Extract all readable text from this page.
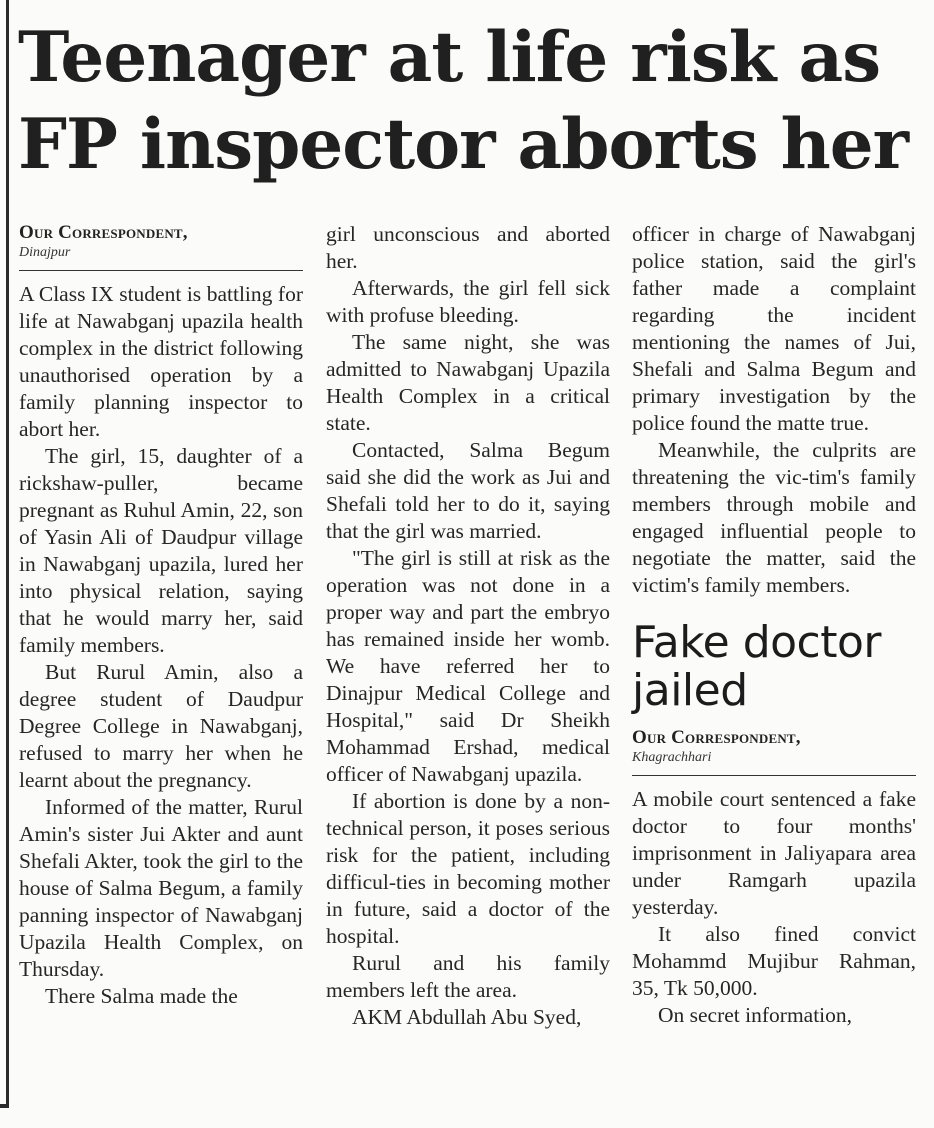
Teenager at life risk as FP inspector aborts her
Our Correspondent,
Dinajpur

A Class IX student is battling for life at Nawabganj upazila health complex in the district following unauthorised operation by a family planning inspector to abort her.

The girl, 15, daughter of a rickshaw-puller, became pregnant as Ruhul Amin, 22, son of Yasin Ali of Daudpur village in Nawabganj upazila, lured her into physical relation, saying that he would marry her, said family members.

But Rurul Amin, also a degree student of Daudpur Degree College in Nawabganj, refused to marry her when he learnt about the pregnancy.

Informed of the matter, Rurul Amin's sister Jui Akter and aunt Shefali Akter, took the girl to the house of Salma Begum, a family panning inspector of Nawabganj Upazila Health Complex, on Thursday.

There Salma made the

girl unconscious and aborted her.

Afterwards, the girl fell sick with profuse bleeding.

The same night, she was admitted to Nawabganj Upazila Health Complex in a critical state.

Contacted, Salma Begum said she did the work as Jui and Shefali told her to do it, saying that the girl was married.

"The girl is still at risk as the operation was not done in a proper way and part the embryo has remained inside her womb. We have referred her to Dinajpur Medical College and Hospital," said Dr Sheikh Mohammad Ershad, medical officer of Nawabganj upazila.

If abortion is done by a non-technical person, it poses serious risk for the patient, including difficul-ties in becoming mother in future, said a doctor of the hospital.

Rurul and his family members left the area.

AKM Abdullah Abu Syed,

officer in charge of Nawabganj police station, said the girl's father made a complaint regarding the incident mentioning the names of Jui, Shefali and Salma Begum and primary investigation by the police found the matte true.

Meanwhile, the culprits are threatening the vic-tim's family members through mobile and engaged influential people to negotiate the matter, said the victim's family members.

Fake doctor jailed
Our Correspondent,
Khagrachhari

A mobile court sentenced a fake doctor to four months' imprisonment in Jaliyapara area under Ramgarh upazila yesterday.

It also fined convict Mohammd Mujibur Rahman, 35, Tk 50,000.

On secret information,
